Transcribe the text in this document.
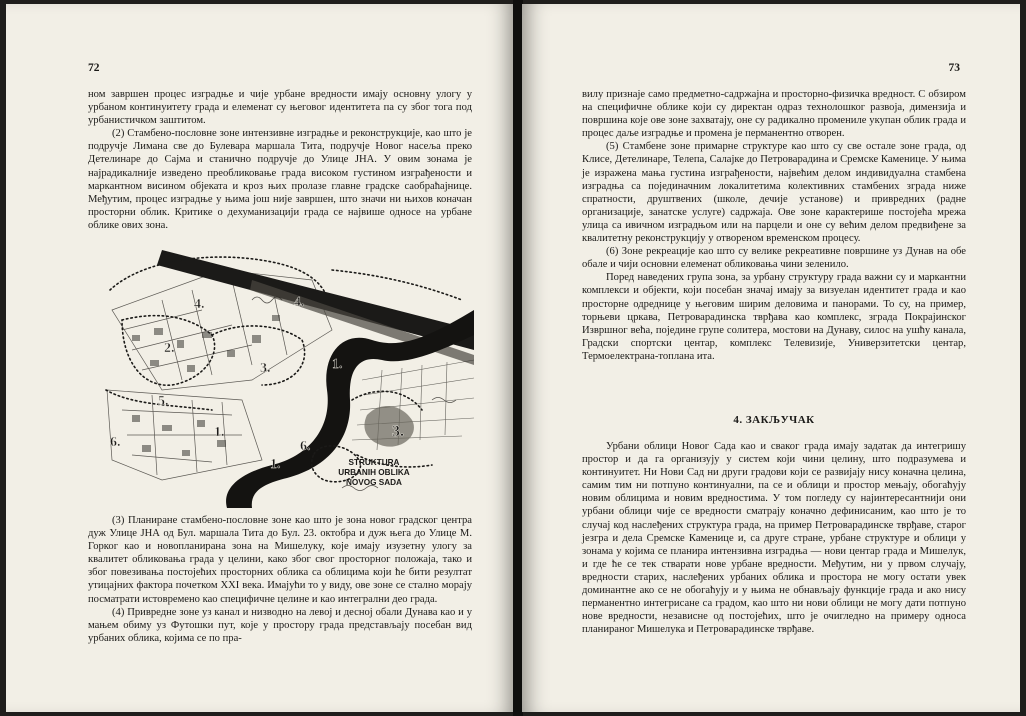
72

ном завршен процес изградње и чије урбане вредности имају основну улогу у урбаном континуитету града и елеменат су његовог идентитета па су због тога под урбанистичком заштитом.

(2) Стамбено-пословне зоне интензивне изградње и реконструкције, као што је подручје Лимана све до Булевара маршала Тита, подручје Новог насеља преко Детелинаре до Сајма и станично подручје до Улице ЈНА. У овим зонама је најрадикалније изведено преобликовање града високом густином изграђености и маркантном висином објеката и кроз њих пролазе главне градске саобраћајнице. Међутим, процес изградње у њима још није завршен, што значи ни њихов коначан просторни облик. Критике о дехуманизацији града се највише односе на урбане облике ових зона.

4.	4.
2.
3.	1.
5.
1.
6.	6.
1.
3.
STRUKTURA
URBANIH OBLIKA
NOVOG SADA

(3) Планиране стамбено-пословне зоне као што је зона новог градског центра дуж Улице ЈНА од Бул. маршала Тита до Бул. 23. октобра и дуж њега до Улице М. Горког као и новопланирана зона на Мишелуку, које имају изузетну улогу за квалитет обликовања града у целини, како због свог просторног положаја, тако и због повезивања постојећих просторних облика са облицима који ће бити резултат утицајних фактора почетком XXI века. Имајући то у виду, ове зоне се стално морају посматрати истовремено као специфичне целине и као интегрални део града.

(4) Привредне зоне уз канал и низводно на левој и десној обали Дунава као и у мањем обиму уз Футошки пут, које у простору града представљају посебан вид урбаних облика, којима се по пра-

73

вилу признаје само предметно-садржајна и просторно-физичка вредност. С обзиром на специфичне облике који су директан одраз технолошког развоја, димензија и површина које ове зоне захватају, оне су радикално промениле укупан облик града и процес даље изградње и промена је перманентно отворен.

(5) Стамбене зоне примарне структуре као што су све остале зоне града, од Клисе, Детелинаре, Телепа, Салајке до Петроварадина и Сремске Каменице. У њима је изражена мања густина изграђености, највећим делом индивидуална стамбена изградња са појединачним локалитетима колективних стамбених зграда ниже спратности, друштвених (школе, дечије установе) и привредних (радне организације, занатске услуге) садржаја. Ове зоне карактерише постојећа мрежа улица са ивичном изградњом или на парцели и оне су већим делом предвиђене за квалитетну реконструкцију у отвореном временском процесу.

(6) Зоне рекреације као што су велике рекреативне површине уз Дунав на обе обале и чији основни елеменат обликовања чини зеленило.

Поред наведених група зона, за урбану структуру града важни су и маркантни комплекси и објекти, који посебан значај имају за визуелан идентитет града и као просторне одреднице у његовим ширим деловима и панорами. То су, на пример, торњеви цркава, Петроварадинска тврђава као комплекс, зграда Покрајинског Извршног већа, поједине групе солитера, мостови на Дунаву, силос на ушћу канала, Градски спортски центар, комплекс Телевизије, Универзитетски центар, Термоелектрана-топлана ита.

4. ЗАКЉУЧАК

Урбани облици Новог Сада као и сваког града имају задатак да интегришу простор и да га организују у систем који чини целину, што подразумева и континуитет. Ни Нови Сад ни други градови који се развијају нису коначна целина, самим тим ни потпуно континуални, па се и облици и простор мењају, обогаћују новим облицима и новим вредностима. У том погледу су најинтересантнији они урбани облици чије се вредности сматрају коначно дефинисаним, као што је то случај код наслеђених структура града, на пример Петроварадинске тврђаве, старог језгра и дела Сремске Каменице и, са друге стране, урбане структуре и облици у зонама у којима се планира интензивна изградња — нови центар града и Мишелук, и где ће се тек стварати нове урбане вредности. Међутим, ни у првом случају, вредности старих, наслеђених урбаних облика и простора не могу остати увек доминантне ако се не обогаћују и у њима не обнављају функције града и ако нису перманентно интегрисане са градом, као што ни нови облици не могу дати потпуно нове вредности, независне од постојећих, што је очигледно на примеру односа планираног Мишелука и Петроварадинске тврђаве.
